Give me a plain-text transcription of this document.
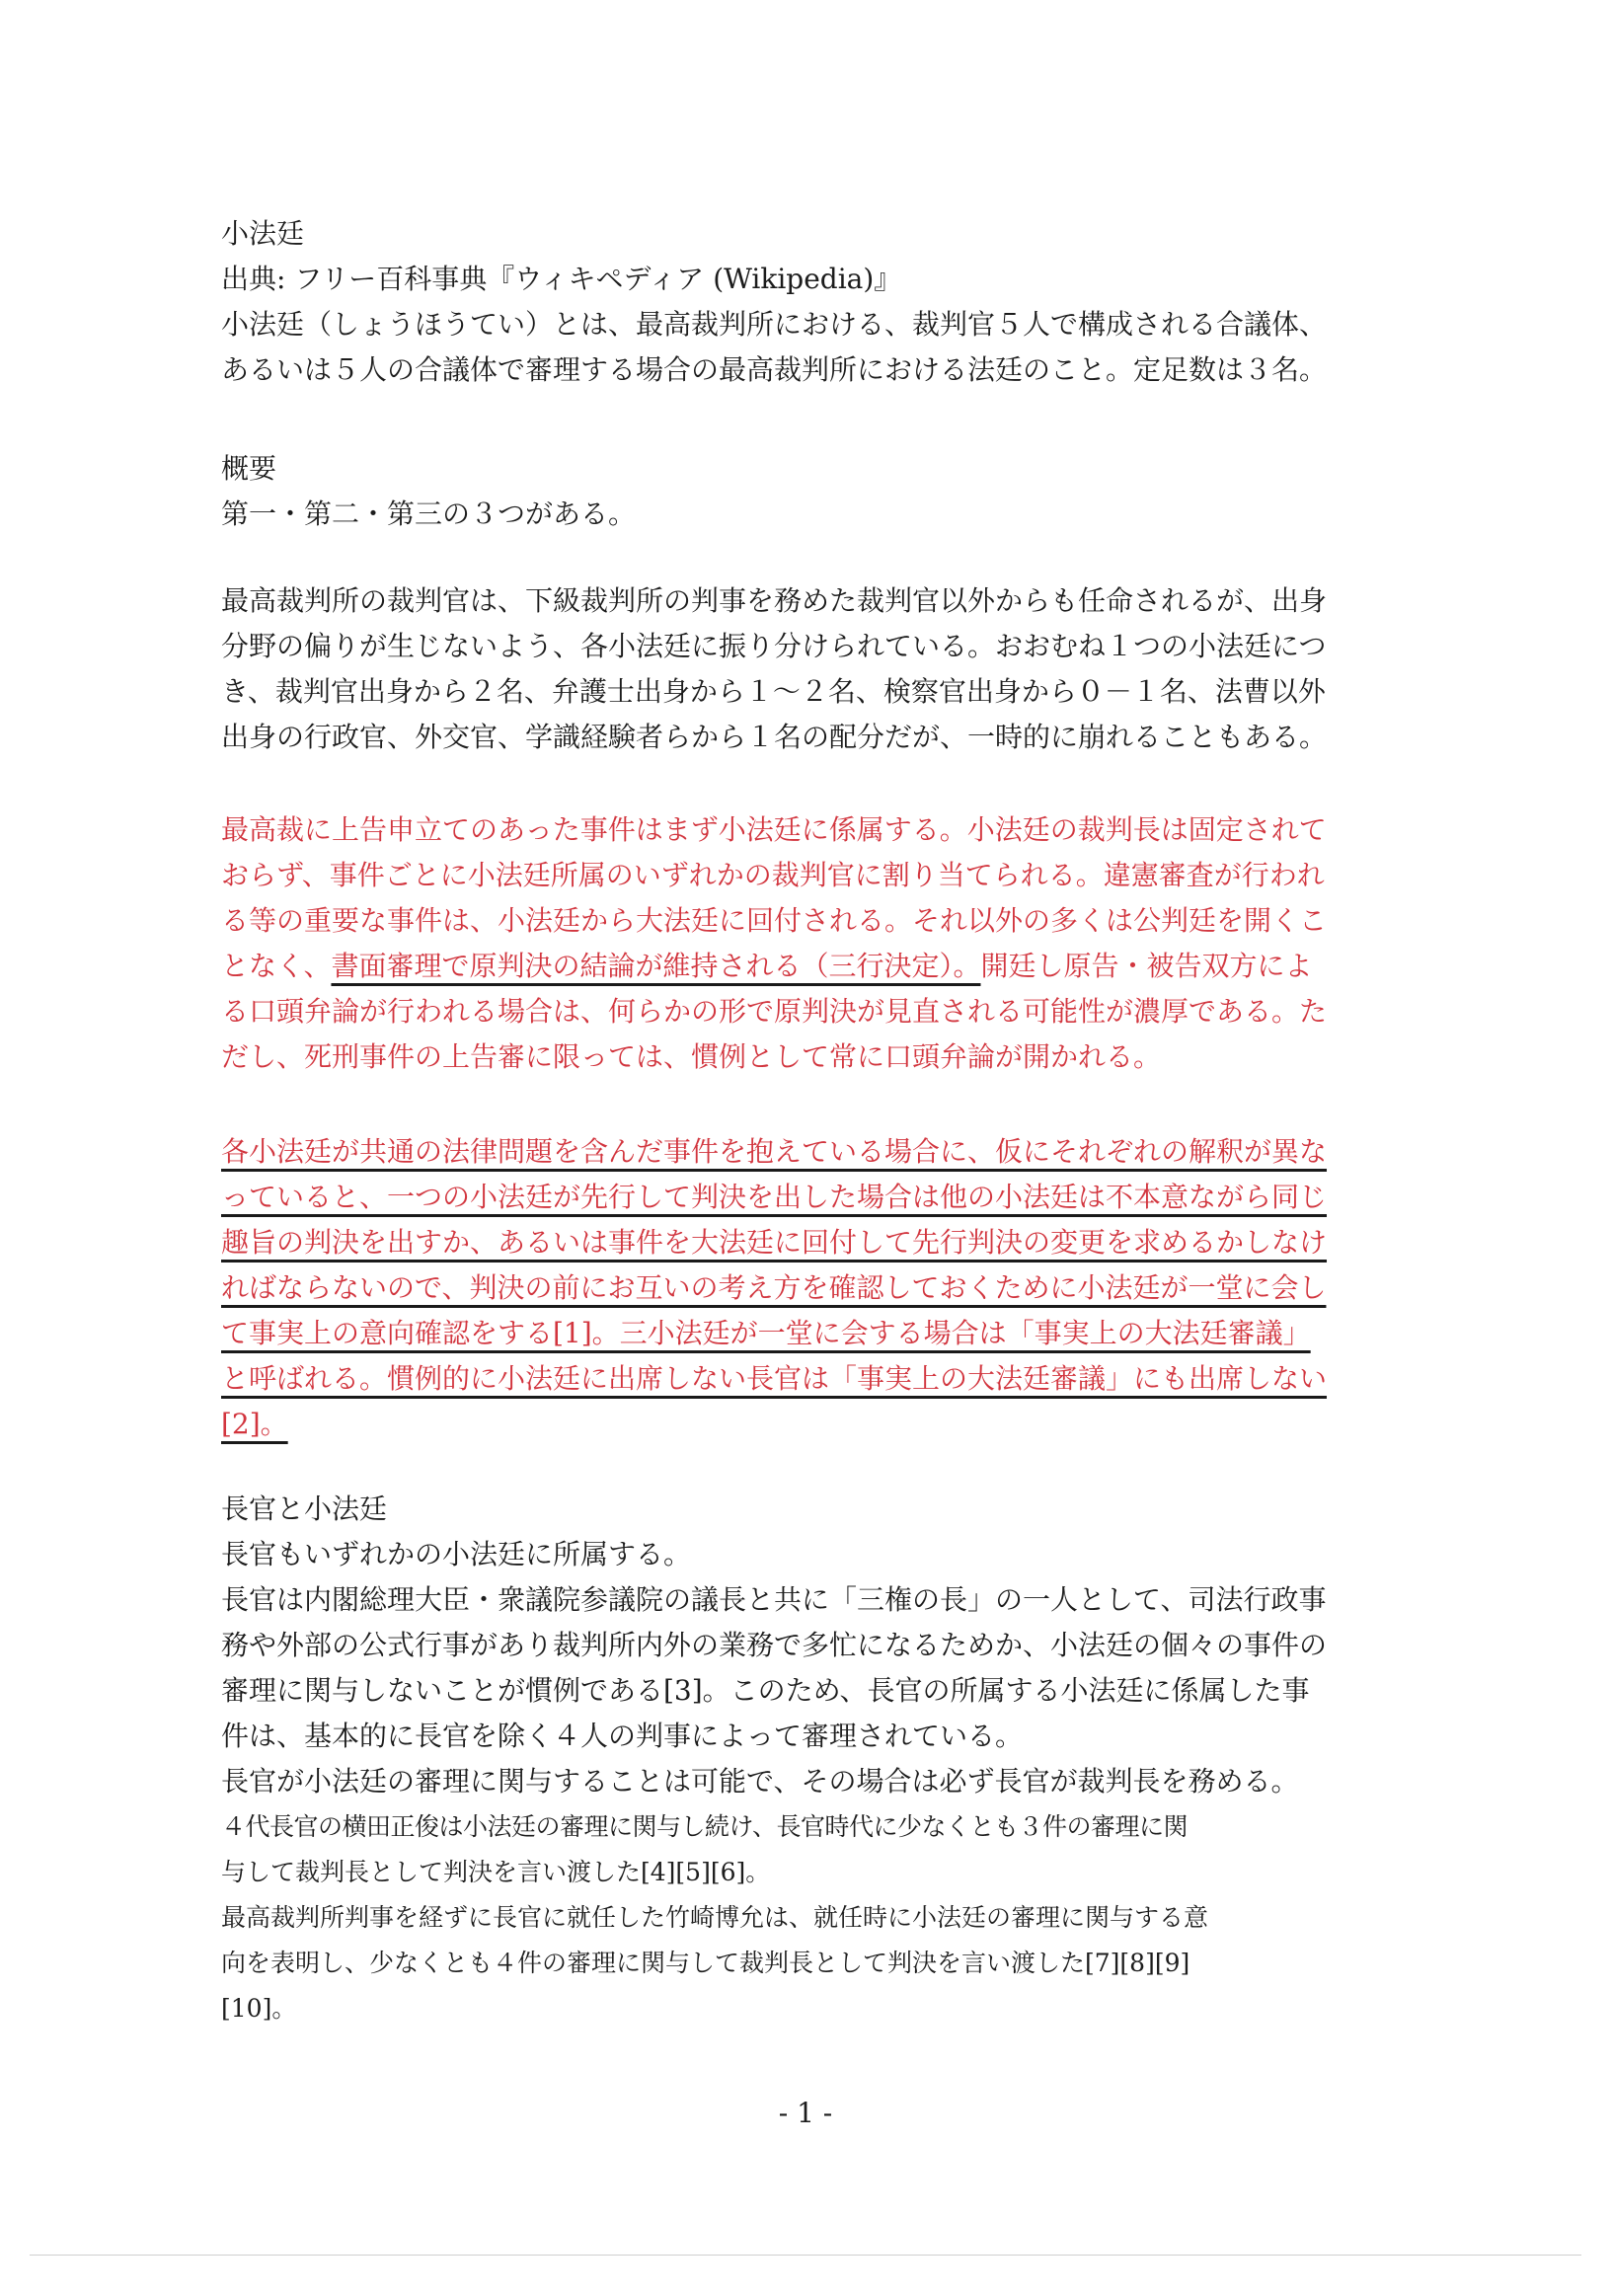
小法廷
出典: フリー百科事典『ウィキペディア (Wikipedia)』
小法廷（しょうほうてい）とは、最高裁判所における、裁判官５人で構成される合議体、
あるいは５人の合議体で審理する場合の最高裁判所における法廷のこと。定足数は３名。
概要
第一・第二・第三の３つがある。
最高裁判所の裁判官は、下級裁判所の判事を務めた裁判官以外からも任命されるが、出身
分野の偏りが生じないよう、各小法廷に振り分けられている。おおむね１つの小法廷につ
き、裁判官出身から２名、弁護士出身から１～２名、検察官出身から０－１名、法曹以外
出身の行政官、外交官、学識経験者らから１名の配分だが、一時的に崩れることもある。
最高裁に上告申立てのあった事件はまず小法廷に係属する。小法廷の裁判長は固定されて
おらず、事件ごとに小法廷所属のいずれかの裁判官に割り当てられる。違憲審査が行われ
る等の重要な事件は、小法廷から大法廷に回付される。それ以外の多くは公判廷を開くこ
となく、書面審理で原判決の結論が維持される（三行決定）。開廷し原告・被告双方によ
る口頭弁論が行われる場合は、何らかの形で原判決が見直される可能性が濃厚である。た
だし、死刑事件の上告審に限っては、慣例として常に口頭弁論が開かれる。
各小法廷が共通の法律問題を含んだ事件を抱えている場合に、仮にそれぞれの解釈が異な
っていると、一つの小法廷が先行して判決を出した場合は他の小法廷は不本意ながら同じ
趣旨の判決を出すか、あるいは事件を大法廷に回付して先行判決の変更を求めるかしなけ
ればならないので、判決の前にお互いの考え方を確認しておくために小法廷が一堂に会し
て事実上の意向確認をする[1]。三小法廷が一堂に会する場合は「事実上の大法廷審議」
と呼ばれる。慣例的に小法廷に出席しない長官は「事実上の大法廷審議」にも出席しない
[2]。
長官と小法廷
長官もいずれかの小法廷に所属する。
長官は内閣総理大臣・衆議院参議院の議長と共に「三権の長」の一人として、司法行政事
務や外部の公式行事があり裁判所内外の業務で多忙になるためか、小法廷の個々の事件の
審理に関与しないことが慣例である[3]。このため、長官の所属する小法廷に係属した事
件は、基本的に長官を除く４人の判事によって審理されている。
長官が小法廷の審理に関与することは可能で、その場合は必ず長官が裁判長を務める。
４代長官の横田正俊は小法廷の審理に関与し続け、長官時代に少なくとも３件の審理に関
与して裁判長として判決を言い渡した[4][5][6]。
最高裁判所判事を経ずに長官に就任した竹崎博允は、就任時に小法廷の審理に関与する意
向を表明し、少なくとも４件の審理に関与して裁判長として判決を言い渡した[7][8][9]
[10]。
- 1 -
